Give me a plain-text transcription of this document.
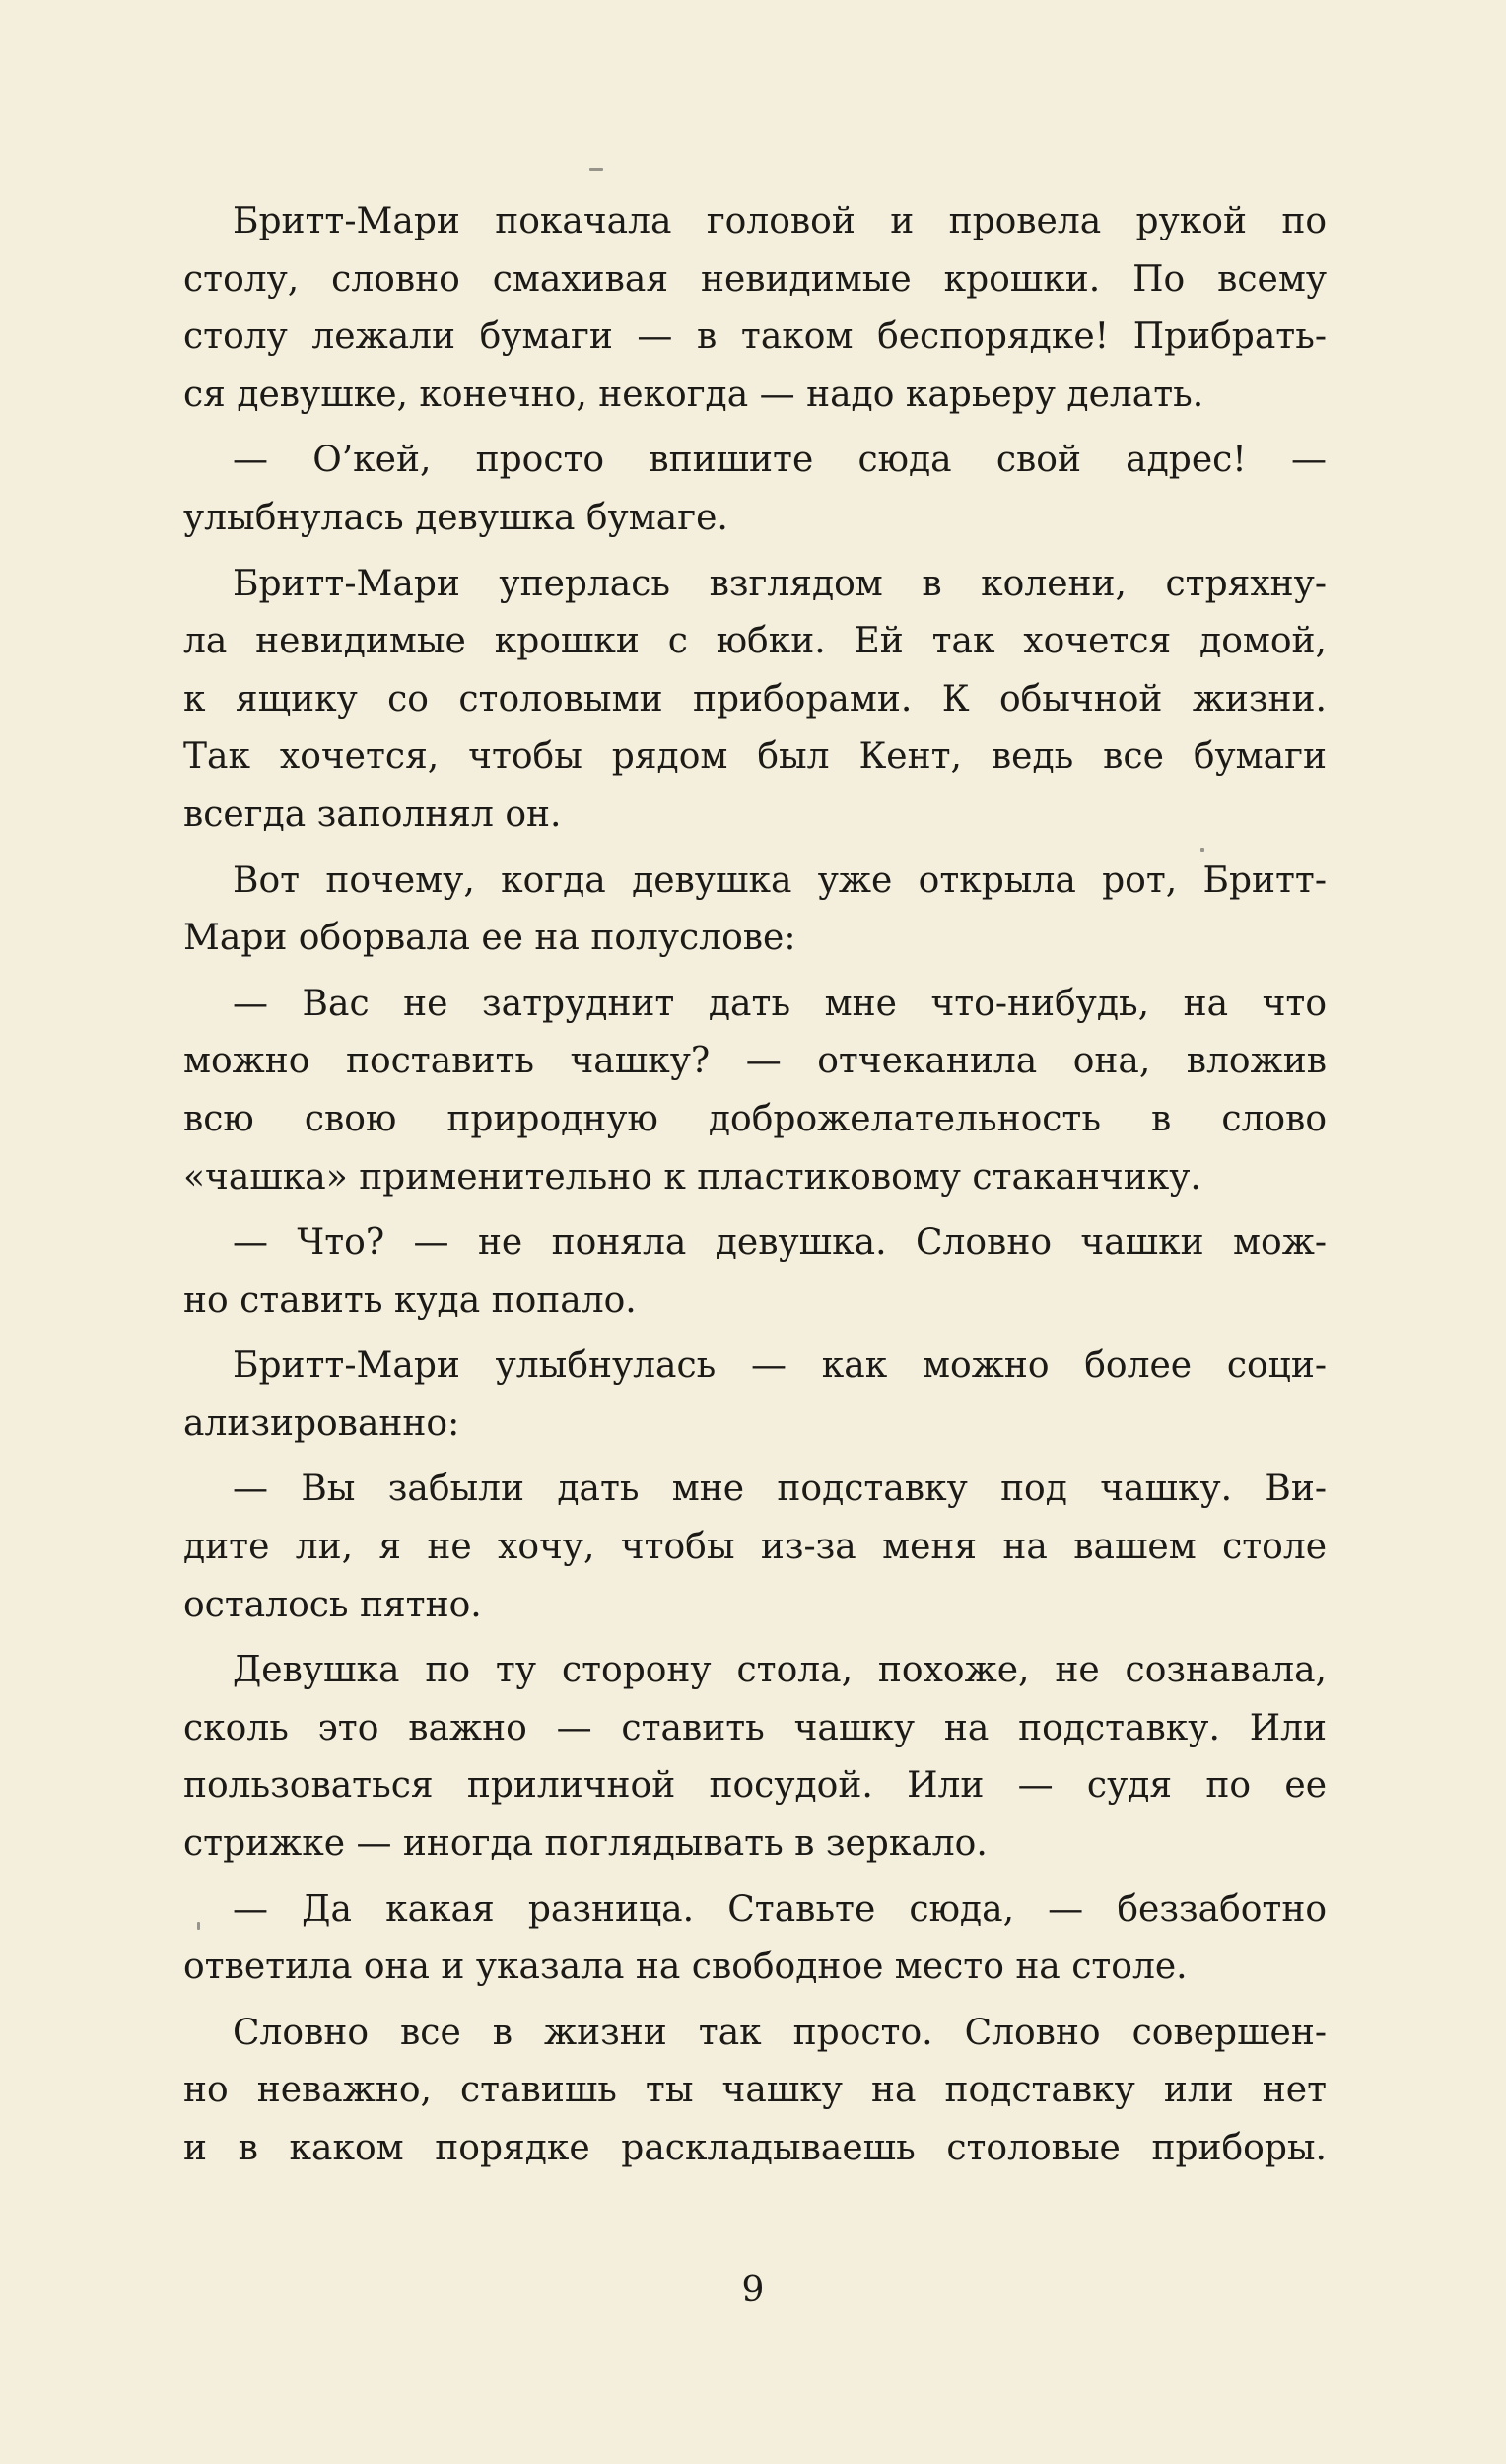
Бритт-Мари покачала головой и провела рукой по
столу, словно смахивая невидимые крошки. По всему
столу лежали бумаги — в таком беспорядке! Прибрать-
ся девушке, конечно, некогда — надо карьеру делать.
— О’кей, просто впишите сюда свой адрес! —
улыбнулась девушка бумаге.
Бритт-Мари уперлась взглядом в колени, стряхну-
ла невидимые крошки с юбки. Ей так хочется домой,
к ящику со столовыми приборами. К обычной жизни.
Так хочется, чтобы рядом был Кент, ведь все бумаги
всегда заполнял он.
Вот почему, когда девушка уже открыла рот, Бритт-
Мари оборвала ее на полуслове:
— Вас не затруднит дать мне что-нибудь, на что
можно поставить чашку? — отчеканила она, вложив
всю свою природную доброжелательность в слово
«чашка» применительно к пластиковому стаканчику.
— Что? — не поняла девушка. Словно чашки мож-
но ставить куда попало.
Бритт-Мари улыбнулась — как можно более соци-
ализированно:
— Вы забыли дать мне подставку под чашку. Ви-
дите ли, я не хочу, чтобы из-за меня на вашем столе
осталось пятно.
Девушка по ту сторону стола, похоже, не сознавала,
сколь это важно — ставить чашку на подставку. Или
пользоваться приличной посудой. Или — судя по ее
стрижке — иногда поглядывать в зеркало.
— Да какая разница. Ставьте сюда, — беззаботно
ответила она и указала на свободное место на столе.
Словно все в жизни так просто. Словно совершен-
но неважно, ставишь ты чашку на подставку или нет
и в каком порядке раскладываешь столовые приборы.
9
